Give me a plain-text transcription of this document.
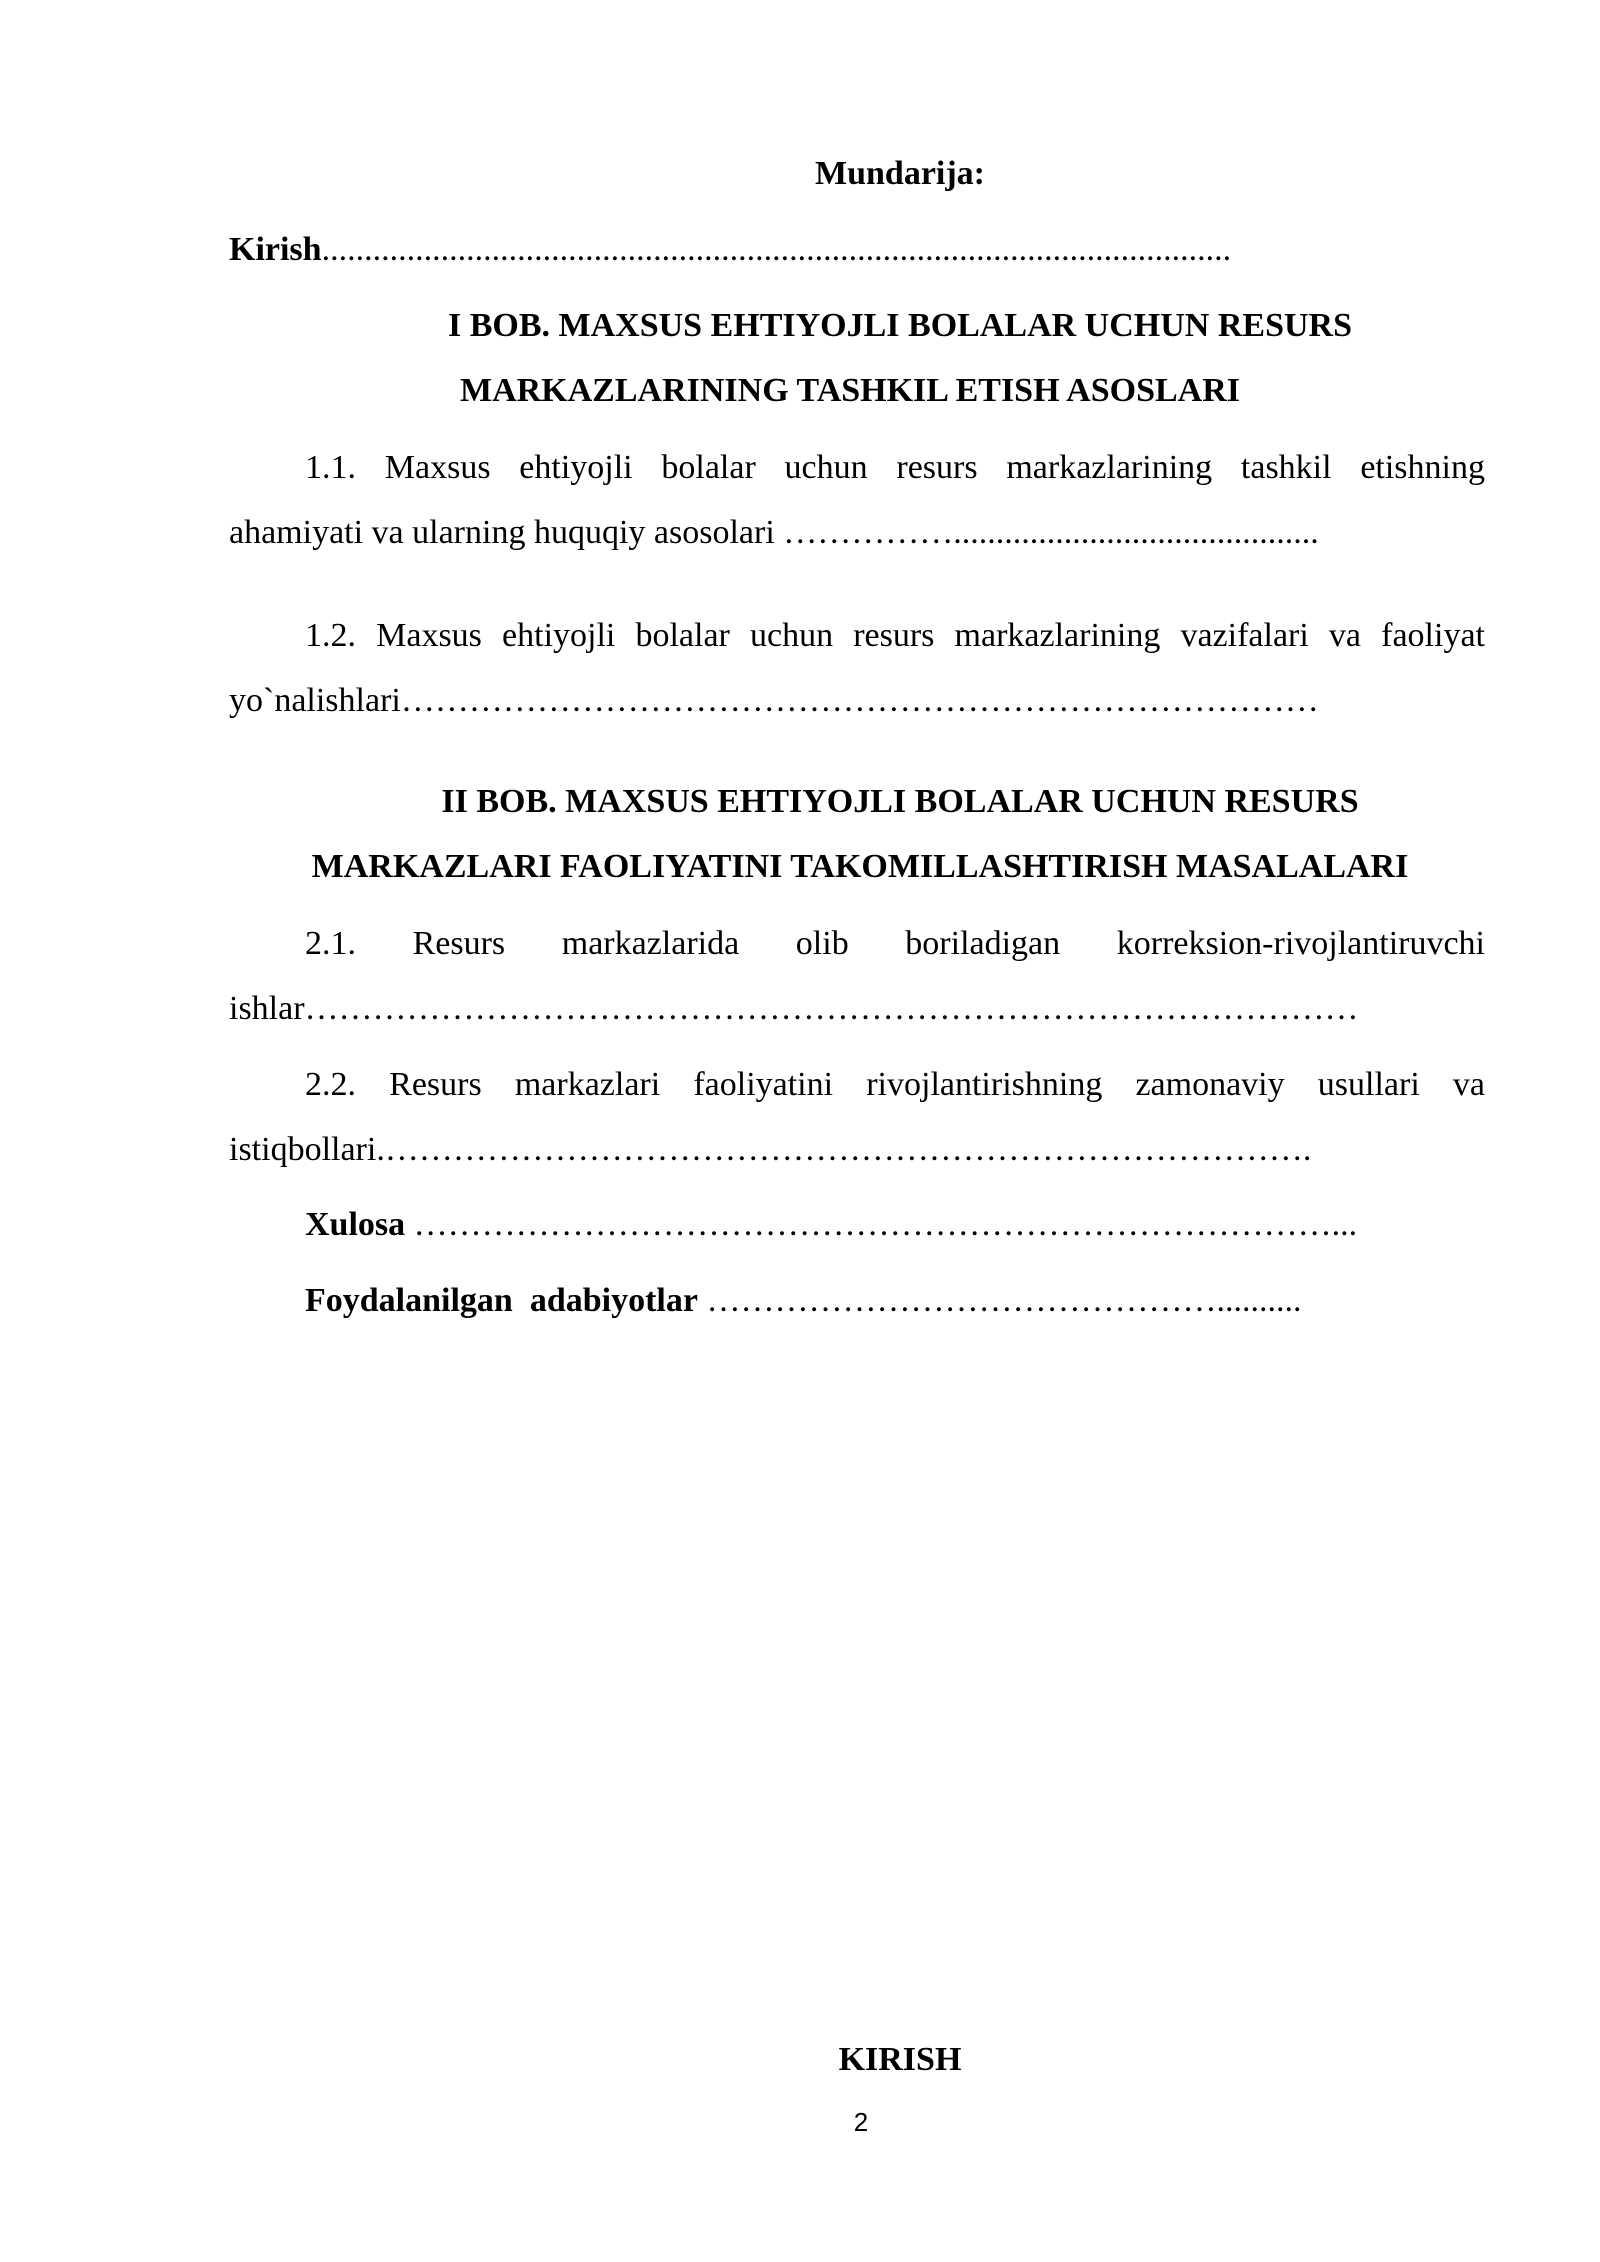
Mundarija:

Kirish...........................................................................................................

I BOB. MAXSUS EHTIYOJLI BOLALAR UCHUN RESURS

MARKAZLARINING TASHKIL ETISH ASOSLARI

1.1. Maxsus ehtiyojli bolalar uchun resurs markazlarining tashkil etishning

ahamiyati va ularning huquqiy asosolari ……………...........................................

1.2. Maxsus ehtiyojli bolalar uchun resurs markazlarining vazifalari va faoliyat

yo`nalishlari………………………………………………………………………

II BOB. MAXSUS EHTIYOJLI BOLALAR UCHUN RESURS

MARKAZLARI FAOLIYATINI TAKOMILLASHTIRISH MASALALARI

2.1. Resurs markazlarida olib boriladigan korreksion-rivojlantiruvchi

ishlar…………………………………………………………………………………

2.2. Resurs markazlari faoliyatini rivojlantirishning zamonaviy usullari va

istiqbollari.……………………………………………………………………….

Xulosa ………………………………………………………………………...

Foydalanilgan  adabiyotlar ………………………………………..........

KIRISH

2
